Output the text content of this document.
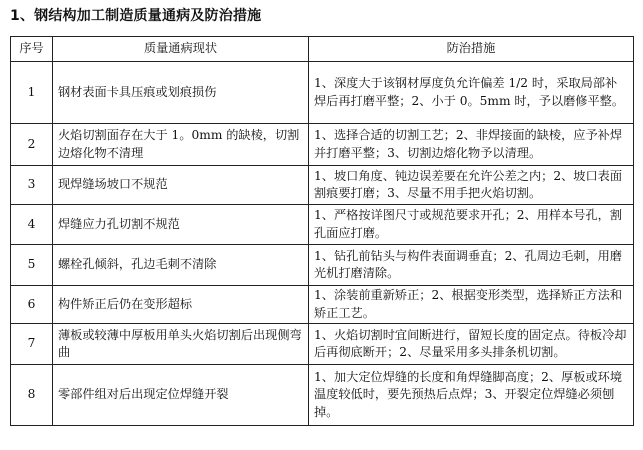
1、钢结构加工制造质量通病及防治措施
序号	质量通病现状	防治措施
1	钢材表面卡具压痕或划痕损伤	1、深度大于该钢材厚度负允许偏差 1/2 时，采取局部补焊后再打磨平整；2、小于 0。5mm 时，予以磨修平整。
2	火焰切割面存在大于 1。0mm 的缺棱，切割边熔化物不清理	1、选择合适的切割工艺；2、非焊接面的缺棱，应予补焊并打磨平整；3、切割边熔化物予以清理。
3	现焊缝场坡口不规范	1、坡口角度、钝边误差要在允许公差之内；2、坡口表面割痕要打磨；3、尽量不用手把火焰切割。
4	焊缝应力孔切割不规范	1、严格按详图尺寸或规范要求开孔；2、用样本号孔，割孔面应打磨。
5	螺栓孔倾斜，孔边毛刺不清除	1、钻孔前钻头与构件表面调垂直；2、孔周边毛刺，用磨光机打磨清除。
6	构件矫正后仍在变形超标	1、涂装前重新矫正；2、根据变形类型，选择矫正方法和矫正工艺。
7	薄板或较薄中厚板用单头火焰切割后出现侧弯曲	1、火焰切割时宜间断进行，留短长度的固定点。待板冷却后再彻底断开；2、尽量采用多头排条机切割。
8	零部件组对后出现定位焊缝开裂	1、加大定位焊缝的长度和角焊缝脚高度；2、厚板或环境温度较低时，要先预热后点焊；3、开裂定位焊缝必须刨掉。
